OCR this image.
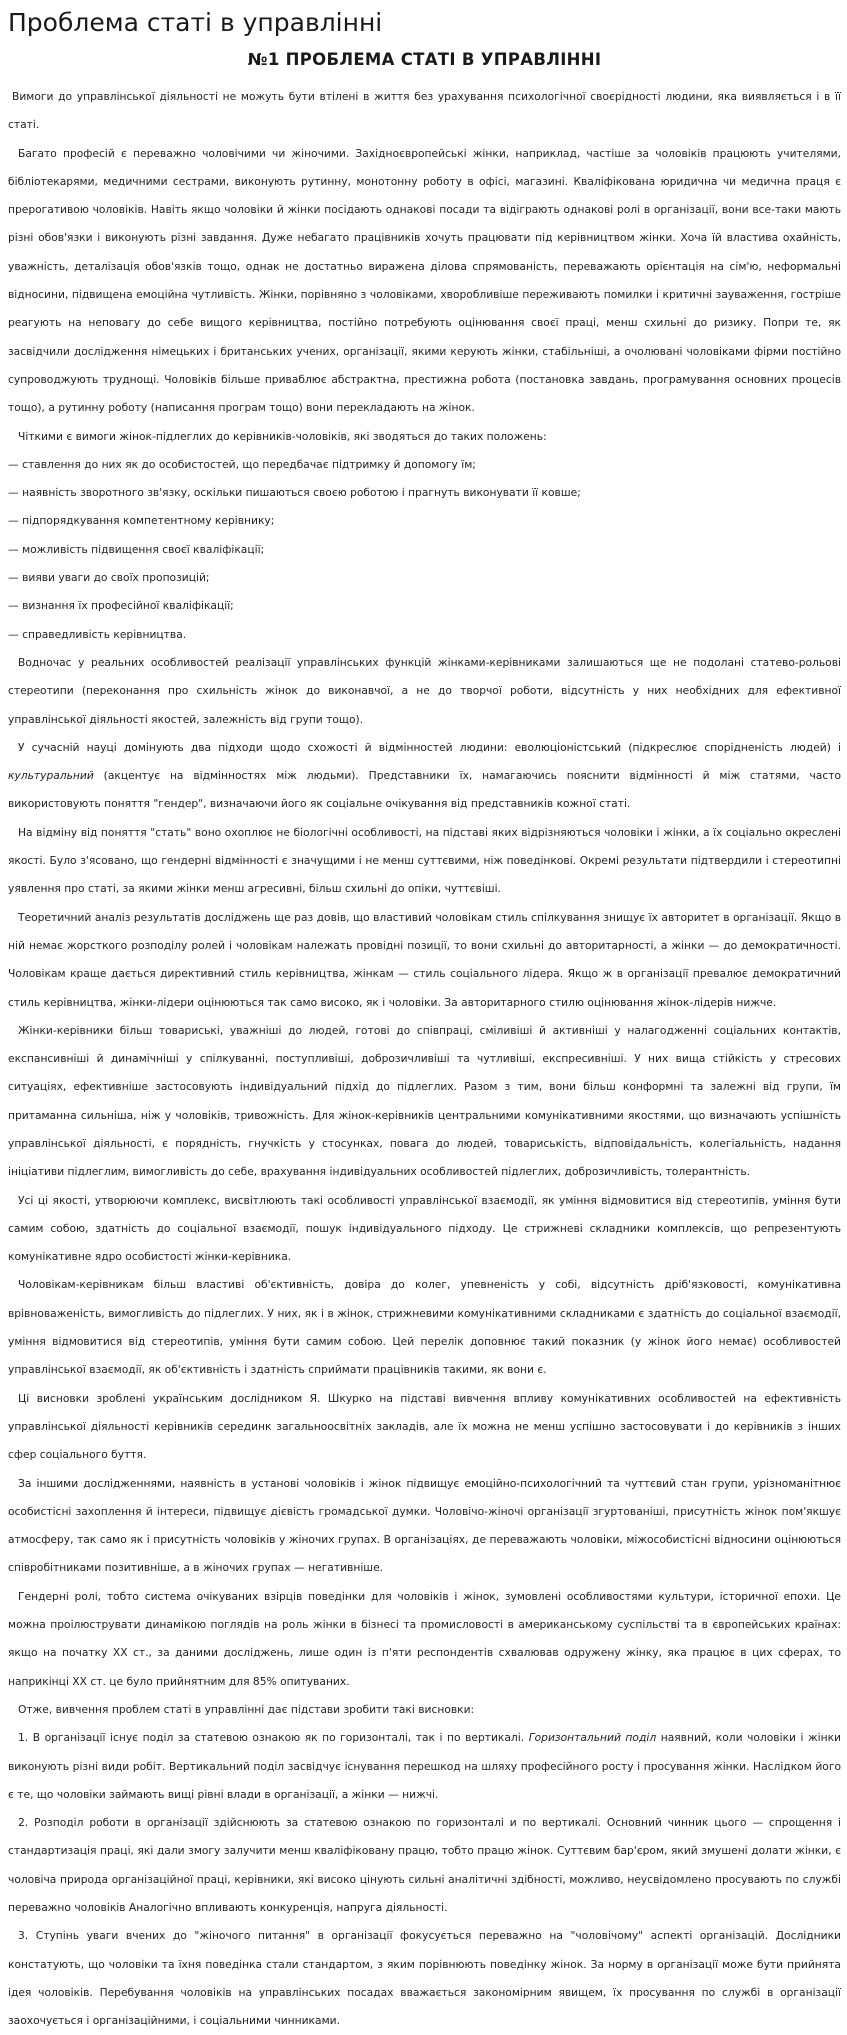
Проблема статі в управлінні
№1 ПРОБЛЕМА СТАТІ В УПРАВЛІННІ

Вимоги до управлінської діяльності не можуть бути втілені в життя без урахування психологічної своєрідності людини, яка виявляється і в її статі.

Багато професій є переважно чоловічими чи жіночими. Західноєвропейські жінки, наприклад, частіше за чоловіків працюють учителями, бібліотекарями, медичними сестрами, виконують рутинну, монотонну роботу в офісі, магазині. Кваліфікована юридична чи медична праця є прерогативою чоловіків. Навіть якщо чоловіки й жінки посідають однакові посади та відіграють однакові ролі в організації, вони все-таки мають різні обов'язки і виконують різні завдання. Дуже небагато працівників хочуть працювати під керівництвом жінки. Хоча їй властива охайність, уважність, деталізація обов'язків тощо, однак не достатньо виражена ділова спрямованість, переважають орієнтація на сім'ю, неформальні відносини, підвищена емоційна чутливість. Жінки, порівняно з чоловіками, хворобливіше переживають помилки і критичні зауваження, гостріше реагують на неповагу до себе вищого керівництва, постійно потребують оцінювання своєї праці, менш схильні до ризику. Попри те, як засвідчили дослідження німецьких і британських учених, організації, якими керують жінки, стабільніші, а очолювані чоловіками фірми постійно супроводжують труднощі. Чоловіків більше приваблює абстрактна, престижна робота (постановка завдань, програмування основних процесів тощо), а рутинну роботу (написання програм тощо) вони перекладають на жінок.

Чіткими є вимоги жінок-підлеглих до керівників-чоловіків, які зводяться до таких положень:

— ставлення до них як до особистостей, що передбачає підтримку й допомогу їм;

— наявність зворотного зв'язку, оскільки пишаються своєю роботою і прагнуть виконувати її ковше;

— підпорядкування компетентному керівнику;

— можливість підвищення своєї кваліфікації;

— вияви уваги до своїх пропозицій;

— визнання їх професійної кваліфікації;

— справедливість керівництва.

Водночас у реальних особливостей реалізації управлінських функцій жінками-керівниками залишаються ще не подолані статево-рольові стереотипи (переконання про схильність жінок до виконавчої, а не до творчої роботи, відсутність у них необхідних для ефективної управлінської діяльності якостей, залежність від групи тощо).

У сучасній науці домінують два підходи щодо схожості й відмінностей людини: еволюціоністський (підкреслює спорідненість людей) і культуральний (акцентує на відмінностях між людьми). Представники їх, намагаючись пояснити відмінності й між статями, часто використовують поняття "гендер", визначаючи його як соціальне очікування від представників кожної статі.

На відміну від поняття "стать" воно охоплює не біологічні особливості, на підставі яких відрізняються чоловіки і жінки, а їх соціально окреслені якості. Було з'ясовано, що гендерні відмінності є значущими і не менш суттєвими, ніж поведінкові. Окремі результати підтвердили і стереотипні уявлення про статі, за якими жінки менш агресивні, більш схильні до опіки, чуттєвіші.

Теоретичний аналіз результатів досліджень ще раз довів, що властивий чоловікам стиль спілкування знищує їх авторитет в організації. Якщо в ній немає жорсткого розподілу ролей і чоловікам належать провідні позиції, то вони схильні до авторитарності, а жінки — до демократичності. Чоловікам краще дається директивний стиль керівництва, жінкам — стиль соціального лідера. Якщо ж в організації превалює демократичний стиль керівництва, жінки-лідери оцінюються так само високо, як і чоловіки. За авторитарного стилю оцінювання жінок-лідерів нижче.

Жінки-керівники більш товариські, уважніші до людей, готові до співпраці, сміливіші й активніші у налагодженні соціальних контактів, експансивніші й динамічніші у спілкуванні, поступливіші, доброзичливіші та чутливіші, експресивніші. У них вища стійкість у стресових ситуаціях, ефективніше застосовують індивідуальний підхід до підлеглих. Разом з тим, вони більш конформні та залежні від групи, їм притаманна сильніша, ніж у чоловіків, тривожність. Для жінок-керівників центральними комунікативними якостями, що визначають успішність управлінської діяльності, є порядність, гнучкість у стосунках, повага до людей, товариськість, відповідальність, колегіальність, надання ініціативи підлеглим, вимогливість до себе, врахування індивідуальних особливостей підлеглих, доброзичливість, толерантність.

Усі ці якості, утворюючи комплекс, висвітлюють такі особливості управлінської взаємодії, як уміння відмовитися від стереотипів, уміння бути самим собою, здатність до соціальної взаємодії, пошук індивідуального підходу. Це стрижневі складники комплексів, що репрезентують комунікативне ядро особистості жінки-керівника.

Чоловікам-керівникам більш властиві об'єктивність, довіра до колег, упевненість у собі, відсутність дріб'язковості, комунікативна врівноваженість, вимогливість до підлеглих. У них, як і в жінок, стрижневими комунікативними складниками є здатність до соціальної взаємодії, уміння відмовитися від стереотипів, уміння бути самим собою. Цей перелік доповнює такий показник (у жінок його немає) особливостей управлінської взаємодії, як об'єктивність і здатність сприймати працівників такими, як вони є.

Ці висновки зроблені українським дослідником Я. Шкурко на підставі вивчення впливу комунікативних особливостей на ефективність управлінської діяльності керівників серединк загальноосвітніх закладів, але їх можна не менш успішно застосовувати і до керівників з інших сфер соціального буття.

За іншими дослідженнями, наявність в установі чоловіків і жінок підвищує емоційно-психологічний та чуттєвий стан групи, урізноманітнює особистісні захоплення й інтереси, підвищує дієвість громадської думки. Чоловічо-жіночі організації згуртованіші, присутність жінок пом'якшує атмосферу, так само як і присутність чоловіків у жіночих групах. В організаціях, де переважають чоловіки, міжособистісні відносини оцінюються співробітниками позитивніше, а в жіночих групах — негативніше.

Гендерні ролі, тобто система очікуваних взірців поведінки для чоловіків і жінок, зумовлені особливостями культури, історичної епохи. Це можна проілюструвати динамікою поглядів на роль жінки в бізнесі та промисловості в американському суспільстві та в європейських країнах: якщо на початку XX ст., за даними досліджень, лише один із п'яти респондентів схвалював одружену жінку, яка працює в цих сферах, то наприкінці XX ст. це було прийнятним для 85% опитуваних.

Отже, вивчення проблем статі в управлінні дає підстави зробити такі висновки:

1. В організації існує поділ за статевою ознакою як по горизонталі, так і по вертикалі. Горизонтальний поділ наявний, коли чоловіки і жінки виконують різні види робіт. Вертикальний поділ засвідчує існування перешкод на шляху професійного росту і просування жінки. Наслідком його є те, що чоловіки займають вищі рівні влади в організації, а жінки — нижчі.

2. Розподіл роботи в організації здійснюють за статевою ознакою по горизонталі и по вертикалі. Основний чинник цього — спрощення і стандартизація праці, які дали змогу залучити менш кваліфіковану працю, тобто працю жінок. Суттєвим бар'єром, який змушені долати жінки, є чоловіча природа організаційної праці, керівники, які високо цінують сильні аналітичні здібності, можливо, неусвідомлено просувають по службі переважно чоловіків Аналогічно впливають конкуренція, напруга діяльності.

3. Ступінь уваги вчених до "жіночого питання" в організації фокусується переважно на "чоловічому" аспекті організацій. Дослідники констатують, що чоловіки та їхня поведінка стали стандартом, з яким порівнюють поведінку жінок. За норму в організації може бути прийнята ідея чоловіків. Перебування чоловіків на управлінських посадах вважається закономірним явищем, їх просування по службі в організації заохочується і організаційними, і соціальними чинниками.
